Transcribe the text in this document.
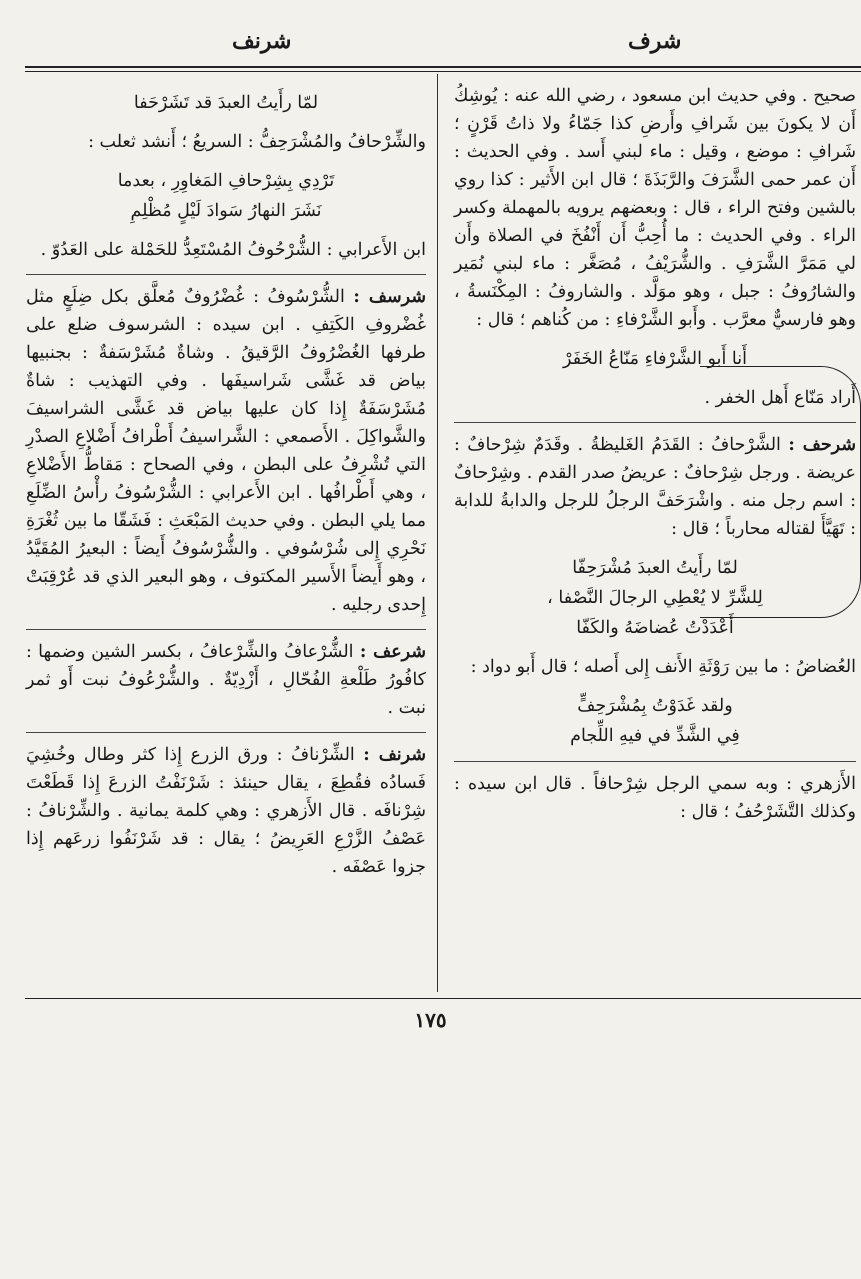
شرنف	شرف
صحيح . وفي حديث ابن مسعود ، رضي الله عنه : يُوشِكُ أَن لا يكونَ بين شَرافِ وأَرضِ كذا جَمّاءُ ولا ذاتُ قَرْنٍ ؛ شَرافِ : موضع ، وقيل : ماء لبني أَسد . وفي الحديث : أَن عمر حمى الشَّرَفَ والرَّبَذَةَ ؛ قال ابن الأَثير : كذا روي بالشين وفتح الراء ، قال : وبعضهم يرويه بالمهملة وكسر الراء . وفي الحديث : ما أُحِبُّ أَن أَنْفُخَ في الصلاة وأَن لي مَمَرَّ الشَّرَفِ . والشُّرَيْفُ ، مُصَغَّر : ماء لبني نُمَير والشارُوفُ : جبل ، وهو موَلَّد . والشاروفُ : المِكْنَسةُ ، وهو فارسيٌّ معرَّب . وأَبو الشَّرْفاءِ : من كُناهم ؛ قال :
أَنا أَبو الشَّرْفاءِ مَنّاعُ الخَفَرْ
أَراد مَنّاع أَهل الخفر .
شرحف : الشَّرْحافُ : القَدَمُ الغَليظةُ . وقَدَمٌ شِرْحافٌ : عريضة . ورجل شِرْحافٌ : عريضُ صدر القدم . وشِرْحافٌ : اسم رجل منه . واشْرَحَفَّ الرجلُ للرجل والدابةُ للدابة : تَهَيَّأَ لقتاله محارباً ؛ قال :
لمّا رأَيتُ العبدَ مُشْرَحِفّا
لِلشَّرِّ لا يُعْطِي الرجالَ النَّصْفا ،
أَعْدَدْتُ عُضاضَهُ والكَفّا
العُضاضُ : ما بين رَوْثَةِ الأَنف إِلى أَصله ؛ قال أَبو دواد :
ولقد غَدَوْتُ بِمُشْرَحِفٍّ
فِي الشَّدِّ في فيهِ اللِّجام
الأَزهري : وبه سمي الرجل شِرْحافاً . قال ابن سيده : وكذلك التَّشَرْحُفُ ؛ قال :
لمّا رأَيتُ العبدَ قد تَشَرْحَفا
والشِّرْحافُ والمُشْرَحِفُّ : السريعُ ؛ أَنشد ثعلب :
تَرْدِي بِشِرْحافِ المَغاوِرِ ، بعدما
نَشَرَ النهارُ سَوادَ لَيْلٍ مُظْلِمِ
ابن الأَعرابي : الشُّرْحُوفُ المُسْتَعِدُّ للحَمْلة على العَدُوّ .
شرسف : الشُّرْسُوفُ : غُضْرُوفٌ مُعلَّق بكل ضِلَعٍ مثل غُضْروفِ الكَتِفِ . ابن سيده : الشرسوف ضلع على طرفها الغُضْرُوفُ الرَّقيقُ . وشاةٌ مُشَرْسَفةٌ : بجنبيها بياض قد غَشَّى شَراسيفَها . وفي التهذيب : شاةٌ مُشَرْسَفَةٌ إِذا كان عليها بياض قد غَشَّى الشراسيفَ والشَّواكِلَ . الأَصمعي : الشَّراسيفُ أَطْرافُ أَضْلاعِ الصدْرِ التي تُشْرِفُ على البطن ، وفي الصحاح : مَقاطُّ الأَضْلاعِ ، وهي أَطْرافُها . ابن الأَعرابي : الشُّرْسُوفُ رأْسُ الضِّلَعِ مما يلي البطن . وفي حديث المَبْعَثِ : فَشَقّا ما بين ثُغْرَةِ نَحْرِي إِلى شُرْسُوفي . والشُّرْسُوفُ أَيضاً : البعيرُ المُقَيَّدُ ، وهو أَيضاً الأَسير المكتوف ، وهو البعير الذي قد عُرْقِبَتْ إِحدى رجليه .
شرعف : الشُّرْعافُ والشِّرْعافُ ، بكسر الشين وضمها : كافُورُ طَلْعةِ الفُحّالِ ، أَزْدِيّةٌ . والشُّرْعُوفُ نبت أَو ثمر نبت .
شرنف : الشِّرْنافُ : ورق الزرع إِذا كثر وطال وخُشِيَ فَسادُه فقُطِعَ ، يقال حينئذ : شَرْنَفْتُ الزرعَ إِذا قَطَعْتَ شِرْنافَه . قال الأَزهري : وهي كلمة يمانية . والشِّرْنافُ : عَصْفُ الزَّرْعِ العَرِيضُ ؛ يقال : قد شَرْنَفُوا زرعَهم إِذا جزوا عَصْفَه .
١٧٥
